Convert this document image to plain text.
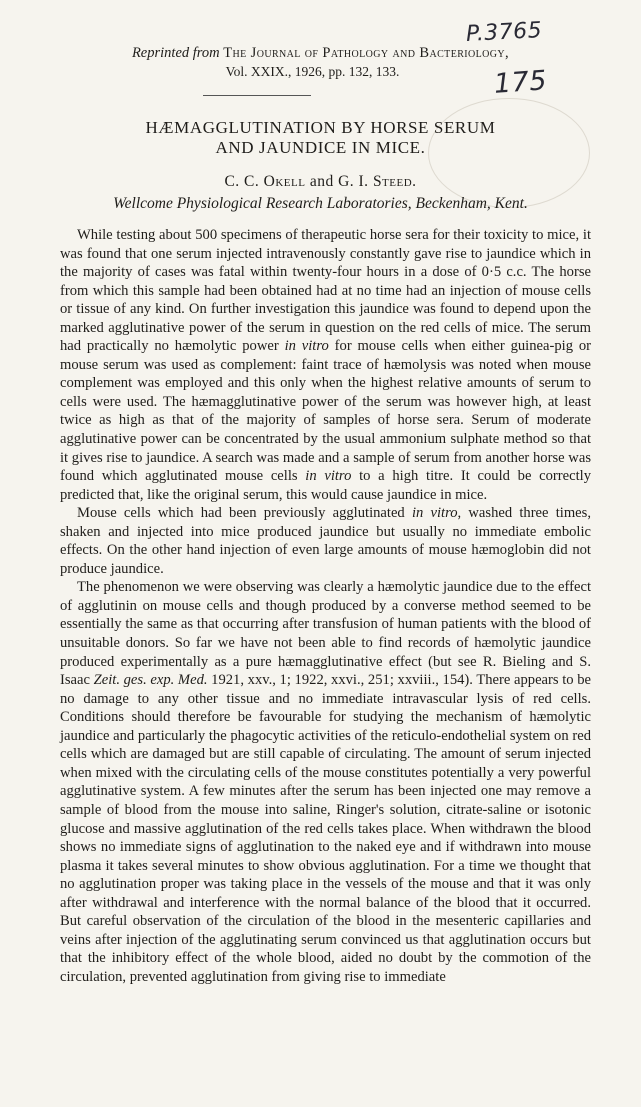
P.3765
175
Reprinted from The Journal of Pathology and Bacteriology,
Vol. XXIX., 1926, pp. 132, 133.
HÆMAGGLUTINATION BY HORSE SERUM
AND JAUNDICE IN MICE.
C. C. Okell and G. I. Steed.
Wellcome Physiological Research Laboratories, Beckenham, Kent.

While testing about 500 specimens of therapeutic horse sera for their toxicity to mice, it was found that one serum injected intravenously constantly gave rise to jaundice which in the majority of cases was fatal within twenty-four hours in a dose of 0·5 c.c. The horse from which this sample had been obtained had at no time had an injection of mouse cells or tissue of any kind. On further investigation this jaundice was found to depend upon the marked agglutinative power of the serum in question on the red cells of mice. The serum had practically no hæmolytic power in vitro for mouse cells when either guinea-pig or mouse serum was used as complement: faint trace of hæmolysis was noted when mouse complement was employed and this only when the highest relative amounts of serum to cells were used. The hæmagglutinative power of the serum was however high, at least twice as high as that of the majority of samples of horse sera. Serum of moderate agglutinative power can be concentrated by the usual ammonium sulphate method so that it gives rise to jaundice. A search was made and a sample of serum from another horse was found which agglutinated mouse cells in vitro to a high titre. It could be correctly predicted that, like the original serum, this would cause jaundice in mice.

Mouse cells which had been previously agglutinated in vitro, washed three times, shaken and injected into mice produced jaundice but usually no immediate embolic effects. On the other hand injection of even large amounts of mouse hæmoglobin did not produce jaundice.

The phenomenon we were observing was clearly a hæmolytic jaundice due to the effect of agglutinin on mouse cells and though produced by a converse method seemed to be essentially the same as that occurring after transfusion of human patients with the blood of unsuitable donors. So far we have not been able to find records of hæmolytic jaundice produced experimentally as a pure hæmagglutinative effect (but see R. Bieling and S. Isaac Zeit. ges. exp. Med. 1921, xxv., 1; 1922, xxvi., 251; xxviii., 154). There appears to be no damage to any other tissue and no immediate intravascular lysis of red cells. Conditions should therefore be favourable for studying the mechanism of hæmolytic jaundice and particularly the phagocytic activities of the reticulo-endothelial system on red cells which are damaged but are still capable of circulating. The amount of serum injected when mixed with the circulating cells of the mouse constitutes potentially a very powerful agglutinative system. A few minutes after the serum has been injected one may remove a sample of blood from the mouse into saline, Ringer's solution, citrate-saline or isotonic glucose and massive agglutination of the red cells takes place. When withdrawn the blood shows no immediate signs of agglutination to the naked eye and if withdrawn into mouse plasma it takes several minutes to show obvious agglutination. For a time we thought that no agglutination proper was taking place in the vessels of the mouse and that it was only after withdrawal and interference with the normal balance of the blood that it occurred. But careful observation of the circulation of the blood in the mesenteric capillaries and veins after injection of the agglutinating serum convinced us that agglutination occurs but that the inhibitory effect of the whole blood, aided no doubt by the commotion of the circulation, prevented agglutination from giving rise to immediate
